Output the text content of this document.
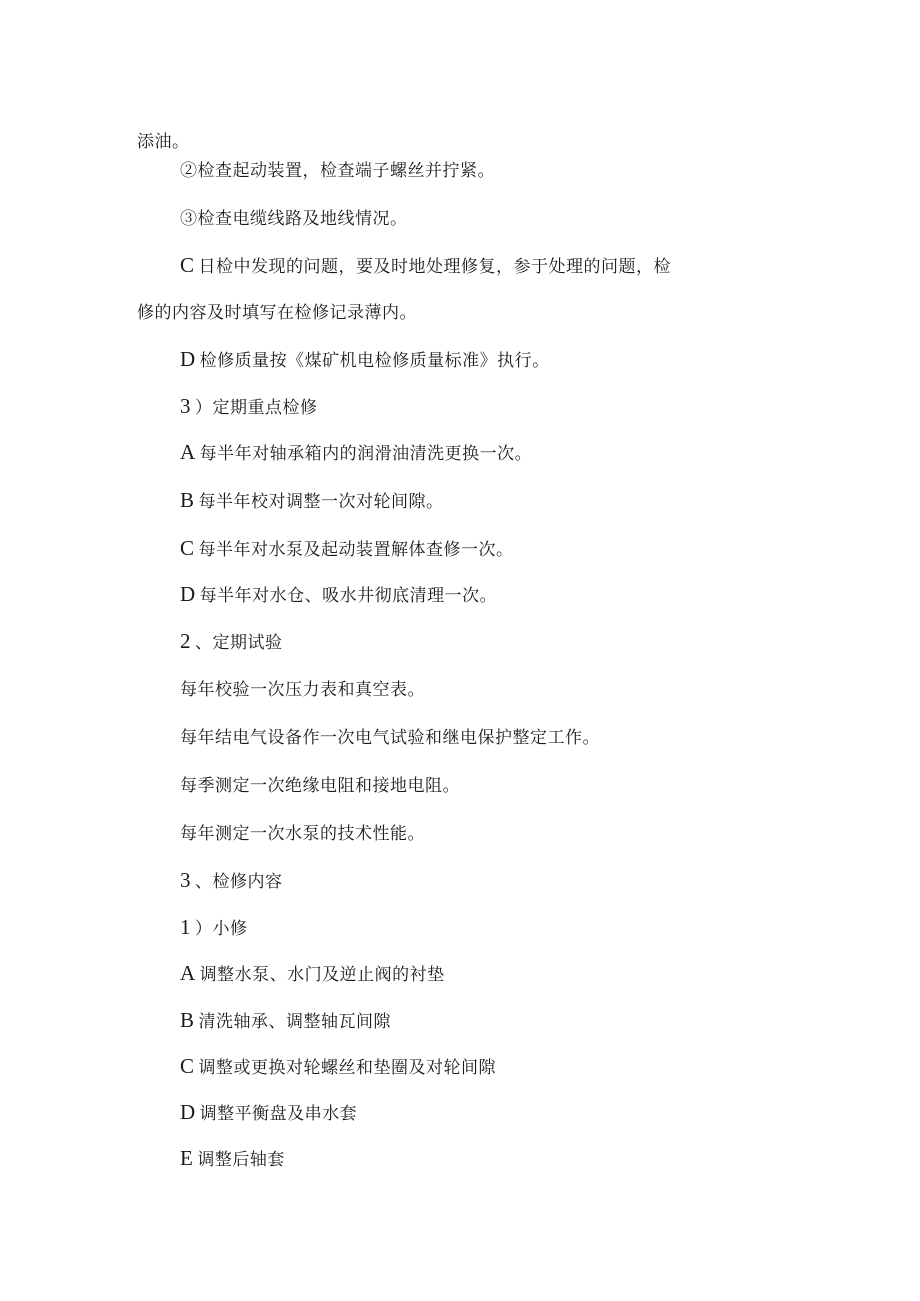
添油。
②检查起动装置，检查端子螺丝并拧紧。
③检查电缆线路及地线情况。
C 日检中发现的问题，要及时地处理修复，参于处理的问题，检
修的内容及时填写在检修记录薄内。
D 检修质量按《煤矿机电检修质量标准》执行。
3 ）定期重点检修
A 每半年对轴承箱内的润滑油清洗更换一次。
B 每半年校对调整一次对轮间隙。
C 每半年对水泵及起动装置解体查修一次。
D 每半年对水仓、吸水井彻底清理一次。
2 、定期试验
每年校验一次压力表和真空表。
每年结电气设备作一次电气试验和继电保护整定工作。
每季测定一次绝缘电阻和接地电阻。
每年测定一次水泵的技术性能。
3 、检修内容
1 ）小修
A 调整水泵、水门及逆止阀的衬垫
B 清洗轴承、调整轴瓦间隙
C 调整或更换对轮螺丝和垫圈及对轮间隙
D 调整平衡盘及串水套
E 调整后轴套
